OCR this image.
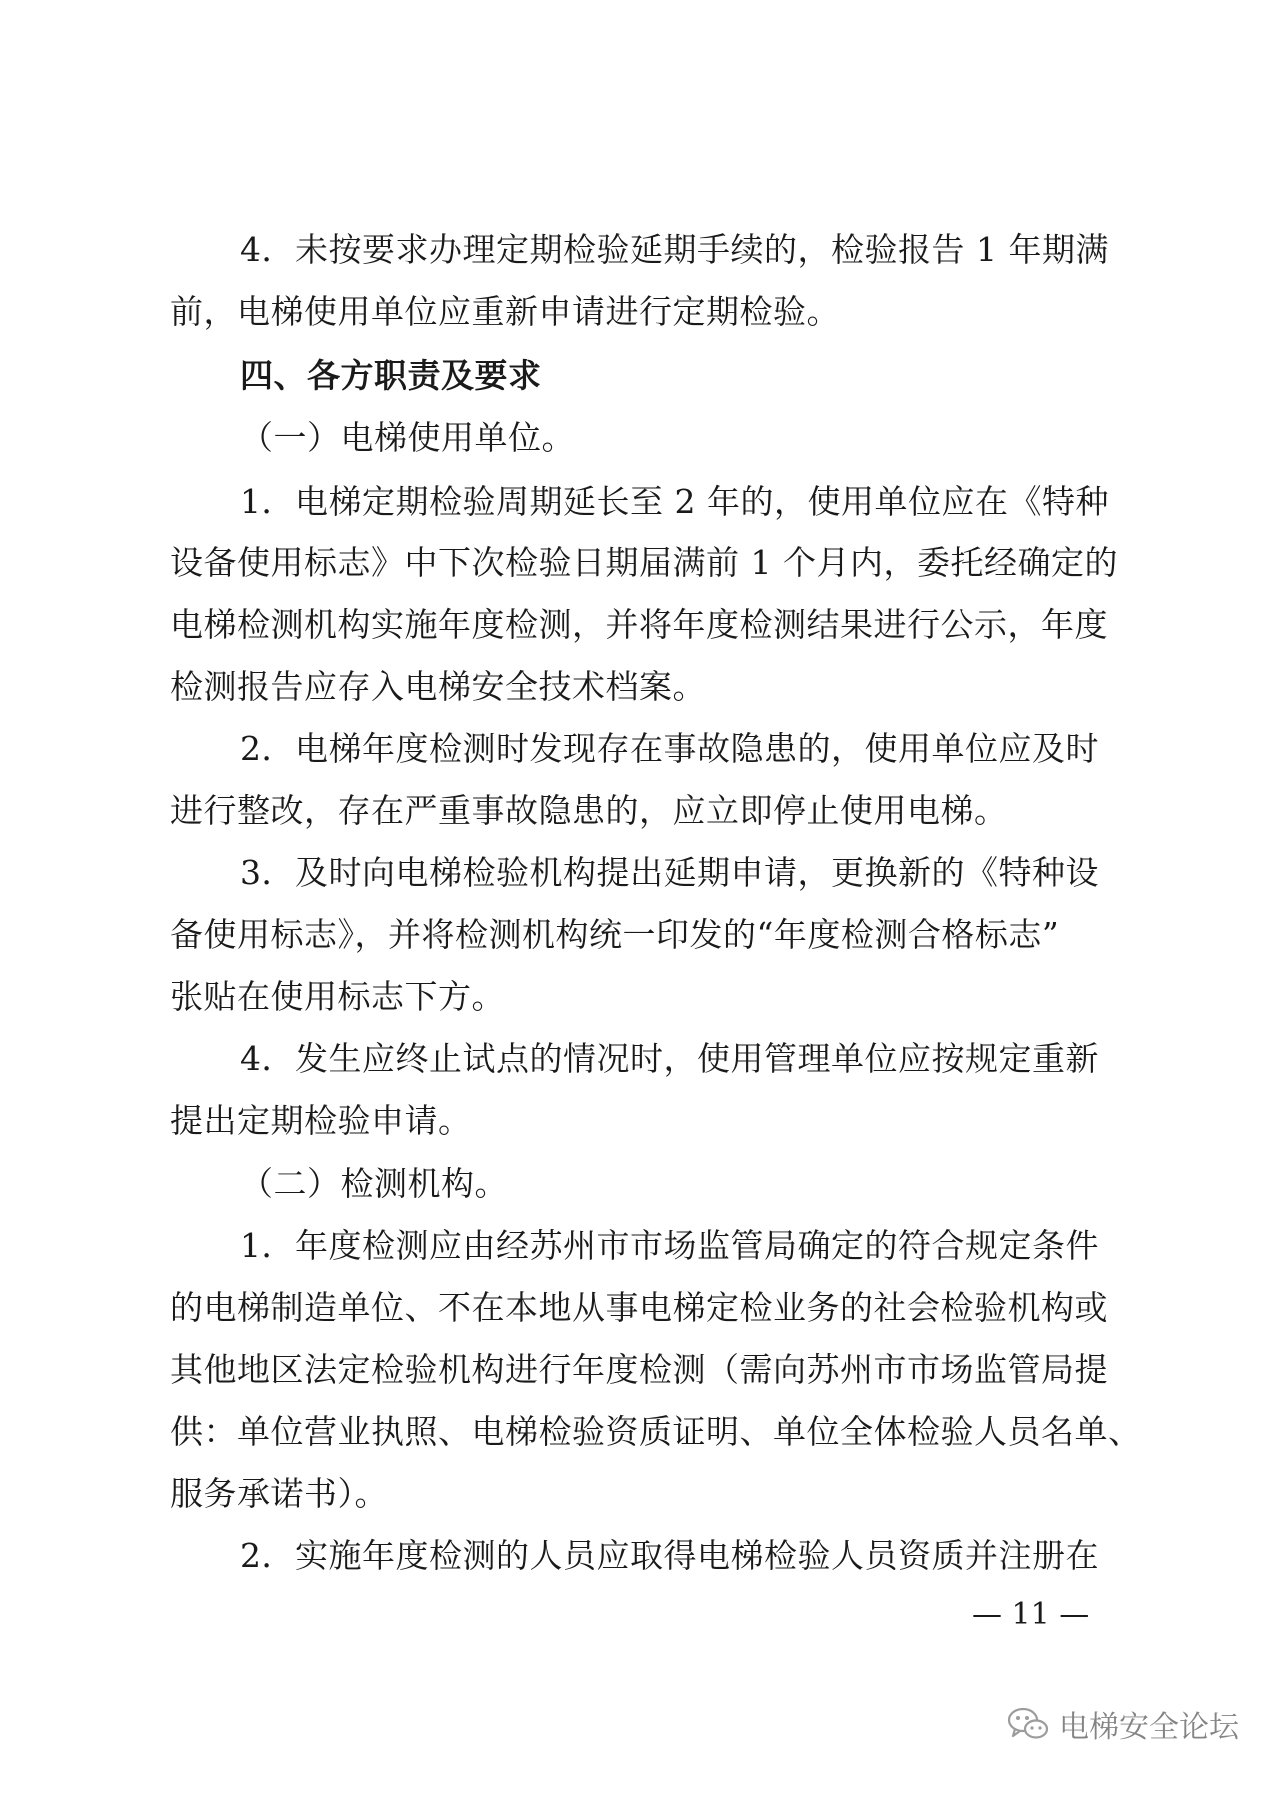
4．未按要求办理定期检验延期手续的，检验报告 1 年期满
前，电梯使用单位应重新申请进行定期检验。
四、各方职责及要求
（一）电梯使用单位。
1．电梯定期检验周期延长至 2 年的，使用单位应在《特种
设备使用标志》中下次检验日期届满前 1 个月内，委托经确定的
电梯检测机构实施年度检测，并将年度检测结果进行公示，年度
检测报告应存入电梯安全技术档案。
2．电梯年度检测时发现存在事故隐患的，使用单位应及时
进行整改，存在严重事故隐患的，应立即停止使用电梯。
3．及时向电梯检验机构提出延期申请，更换新的《特种设
备使用标志》，并将检测机构统一印发的“年度检测合格标志”
张贴在使用标志下方。
4．发生应终止试点的情况时，使用管理单位应按规定重新
提出定期检验申请。
（二）检测机构。
1．年度检测应由经苏州市市场监管局确定的符合规定条件
的电梯制造单位、不在本地从事电梯定检业务的社会检验机构或
其他地区法定检验机构进行年度检测（需向苏州市市场监管局提
供：单位营业执照、电梯检验资质证明、单位全体检验人员名单、
服务承诺书）。
2．实施年度检测的人员应取得电梯检验人员资质并注册在
— 11 —
电梯安全论坛
